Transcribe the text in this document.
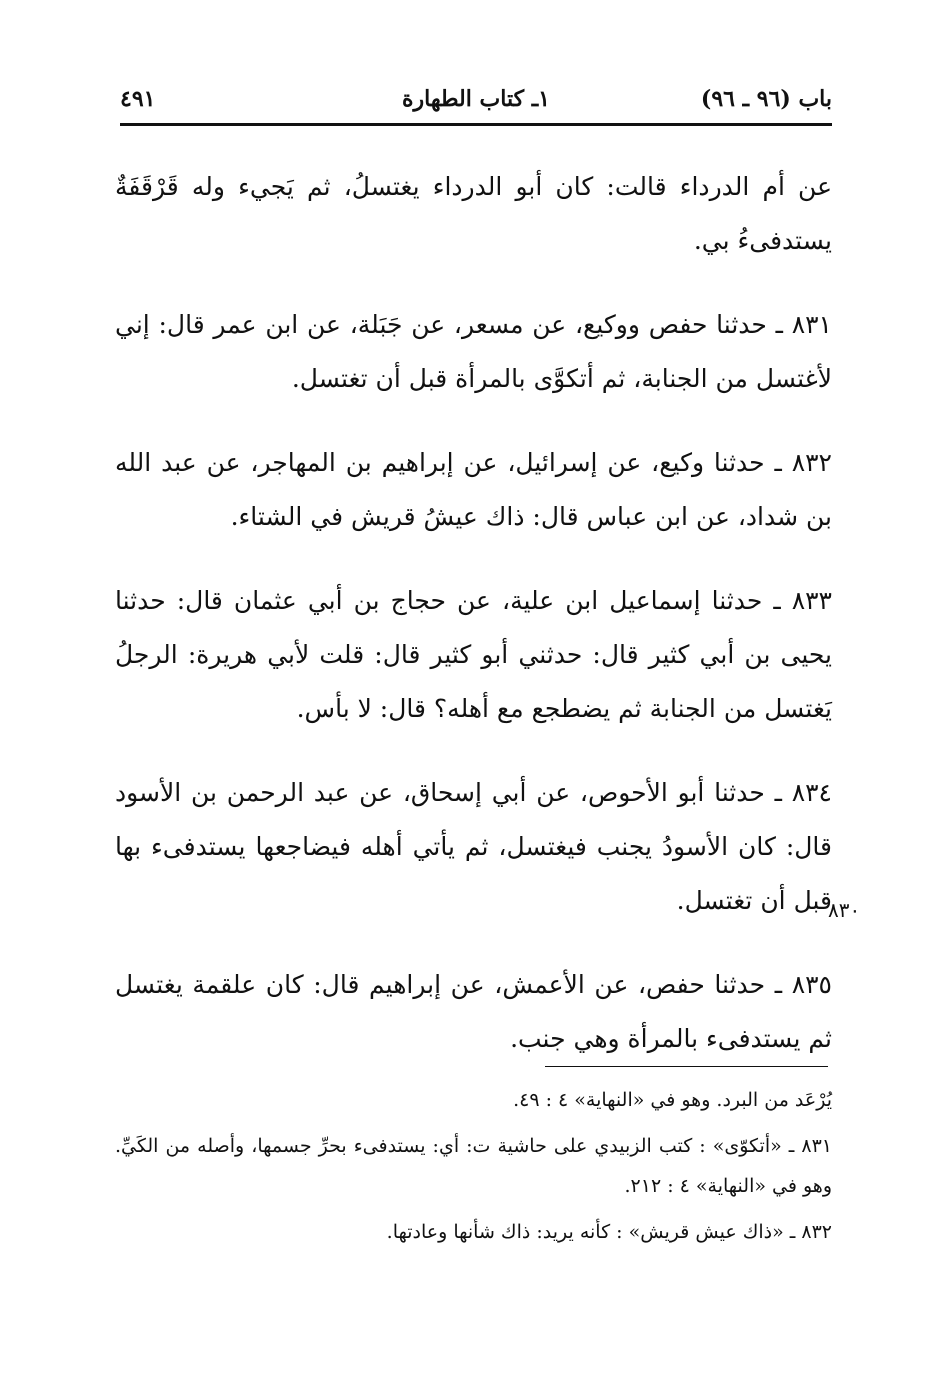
باب (٩٦ ـ ٩٦)
١ـ كتاب الطهارة
٤٩١

عن أم الدرداء قالت: كان أبو الدرداء يغتسلُ، ثم يَجيء وله قَرْقَفَةٌ يستدفىءُ بي.

٨٣١ ـ حدثنا حفص ووكيع، عن مسعر، عن جَبَلة، عن ابن عمر قال: إني لأغتسل من الجنابة، ثم أتكوَّى بالمرأة قبل أن تغتسل.

٨٣٢ ـ حدثنا وكيع، عن إسرائيل، عن إبراهيم بن المهاجر، عن عبد الله بن شداد، عن ابن عباس قال: ذاك عيشُ قريش في الشتاء.

٨٣٣ ـ حدثنا إسماعيل ابن علية، عن حجاج بن أبي عثمان قال: حدثنا يحيى بن أبي كثير قال: حدثني أبو كثير قال: قلت لأبي هريرة: الرجلُ يَغتسل من الجنابة ثم يضطجع مع أهله؟ قال: لا بأس.

٨٣٤ ـ حدثنا أبو الأحوص، عن أبي إسحاق، عن عبد الرحمن بن الأسود قال: كان الأسودُ يجنب فيغتسل، ثم يأتي أهله فيضاجعها يستدفىء بها قبل أن تغتسل.

٨٣٥ ـ حدثنا حفص، عن الأعمش، عن إبراهيم قال: كان علقمة يغتسل ثم يستدفىء بالمرأة وهي جنب.

٨٣٠

يُرْعَد من البرد. وهو في «النهاية» ٤ : ٤٩.

٨٣١ ـ «أتكوّى» : كتب الزبيدي على حاشية ت: أي: يستدفىء بحرِّ جسمها، وأصله من الكَيِّ. وهو في «النهاية» ٤ : ٢١٢.

٨٣٢ ـ «ذاك عيش قريش» : كأنه يريد: ذاك شأنها وعادتها.
